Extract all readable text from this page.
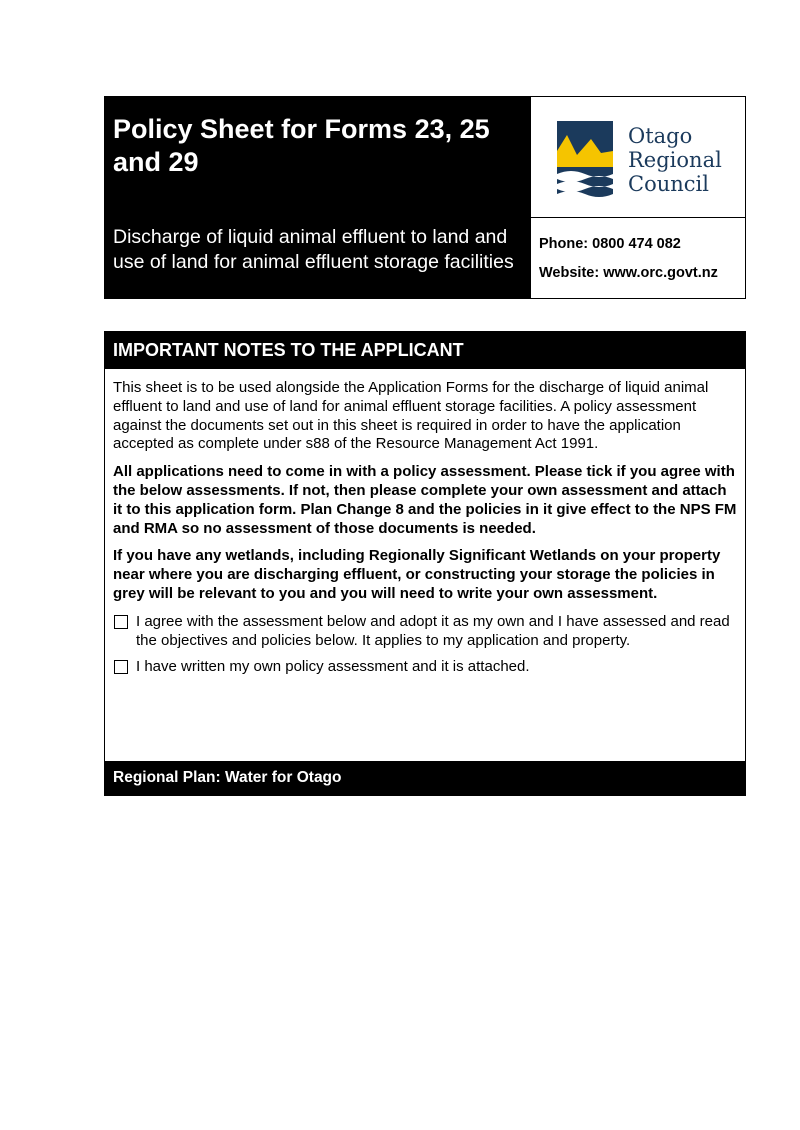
Policy Sheet for Forms 23, 25 and 29
Discharge of liquid animal effluent to land and use of land for animal effluent storage facilities
Otago
Regional
Council
Phone: 0800 474 082
Website: www.orc.govt.nz
IMPORTANT NOTES TO THE APPLICANT

This sheet is to be used alongside the Application Forms for the discharge of liquid animal effluent to land and use of land for animal effluent storage facilities. A policy assessment against the documents set out in this sheet is required in order to have the application accepted as complete under s88 of the Resource Management Act 1991.

All applications need to come in with a policy assessment. Please tick if you agree with the below assessments. If not, then please complete your own assessment and attach it to this application form. Plan Change 8 and the policies in it give effect to the NPS FM and RMA so no assessment of those documents is needed.

If you have any wetlands, including Regionally Significant Wetlands on your property near where you are discharging effluent, or constructing your storage the policies in grey will be relevant to you and you will need to write your own assessment.

I agree with the assessment below and adopt it as my own and I have assessed and read the objectives and policies below. It applies to my application and property.
I have written my own policy assessment and it is attached.
Regional Plan: Water for Otago
